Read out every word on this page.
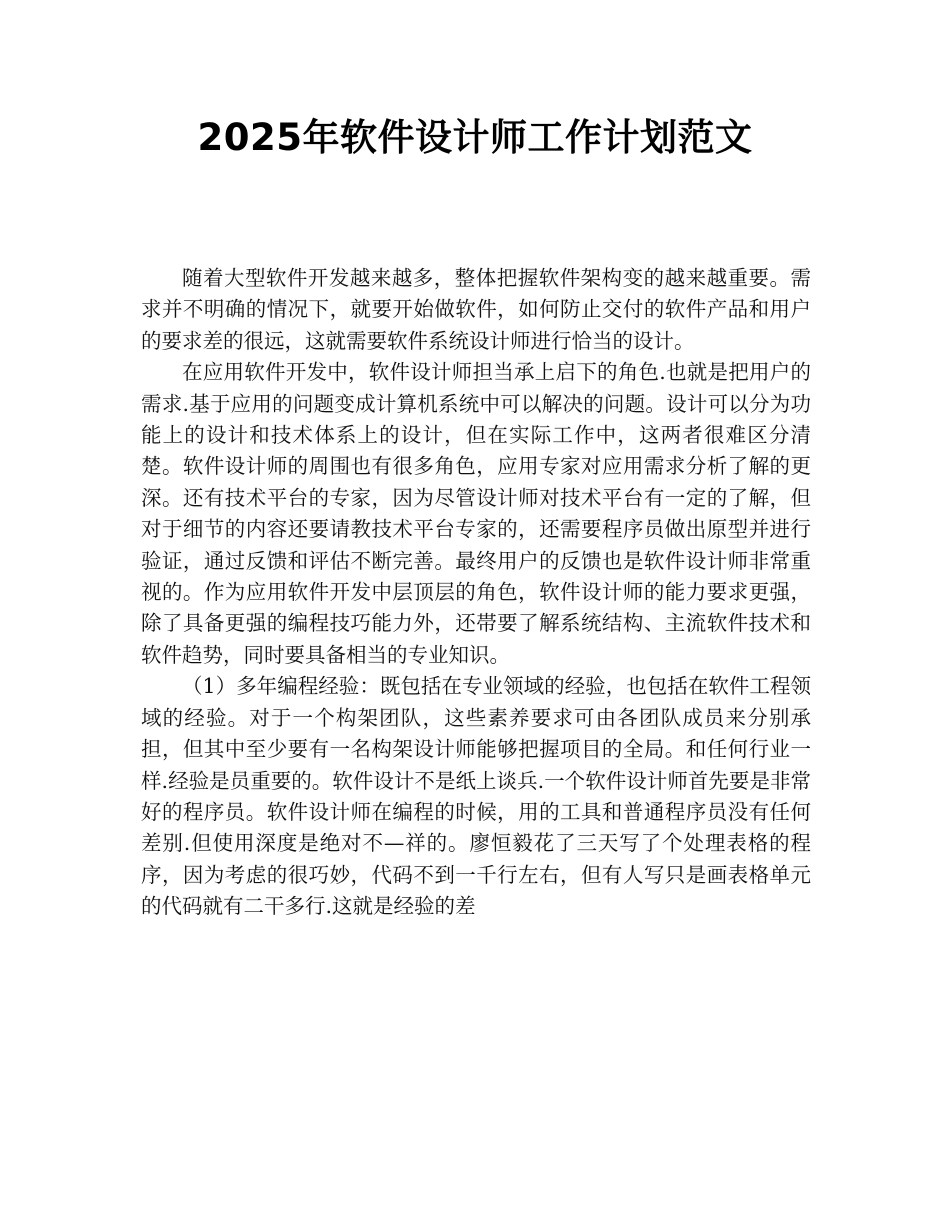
2025年软件设计师工作计划范文

随着大型软件开发越来越多，整体把握软件架构变的越来越重要。需求并不明确的情况下，就要开始做软件，如何防止交付的软件产品和用户的要求差的很远，这就需要软件系统设计师进行恰当的设计。

在应用软件开发中，软件设计师担当承上启下的角色.也就是把用户的需求.基于应用的问题变成计算机系统中可以解决的问题。设计可以分为功能上的设计和技术体系上的设计，但在实际工作中，这两者很难区分清楚。软件设计师的周围也有很多角色，应用专家对应用需求分析了解的更深。还有技术平台的专家，因为尽管设计师对技术平台有一定的了解，但对于细节的内容还要请教技术平台专家的，还需要程序员做出原型并进行验证，通过反馈和评估不断完善。最终用户的反馈也是软件设计师非常重视的。作为应用软件开发中层顶层的角色，软件设计师的能力要求更强，除了具备更强的编程技巧能力外，还帯要了解系统结构、主流软件技术和软件趋势，同时要具备相当的专业知识。

（1）多年编程经验：既包括在专业领域的经验，也包括在软件工程领域的经验。对于一个构架团队，这些素养要求可由各团队成员来分别承担，但其中至少要有一名构架设计师能够把握项目的全局。和任何行业一样.经验是员重要的。软件设计不是纸上谈兵.一个软件设计师首先要是非常好的程序员。软件设计师在编程的时候，用的工具和普通程序员没有任何差别.但使用深度是绝对不—祥的。廖恒毅花了三天写了个处理表格的程序，因为考虑的很巧妙，代码不到一千行左右，但有人写只是画表格单元的代码就有二干多行.这就是经验的差
